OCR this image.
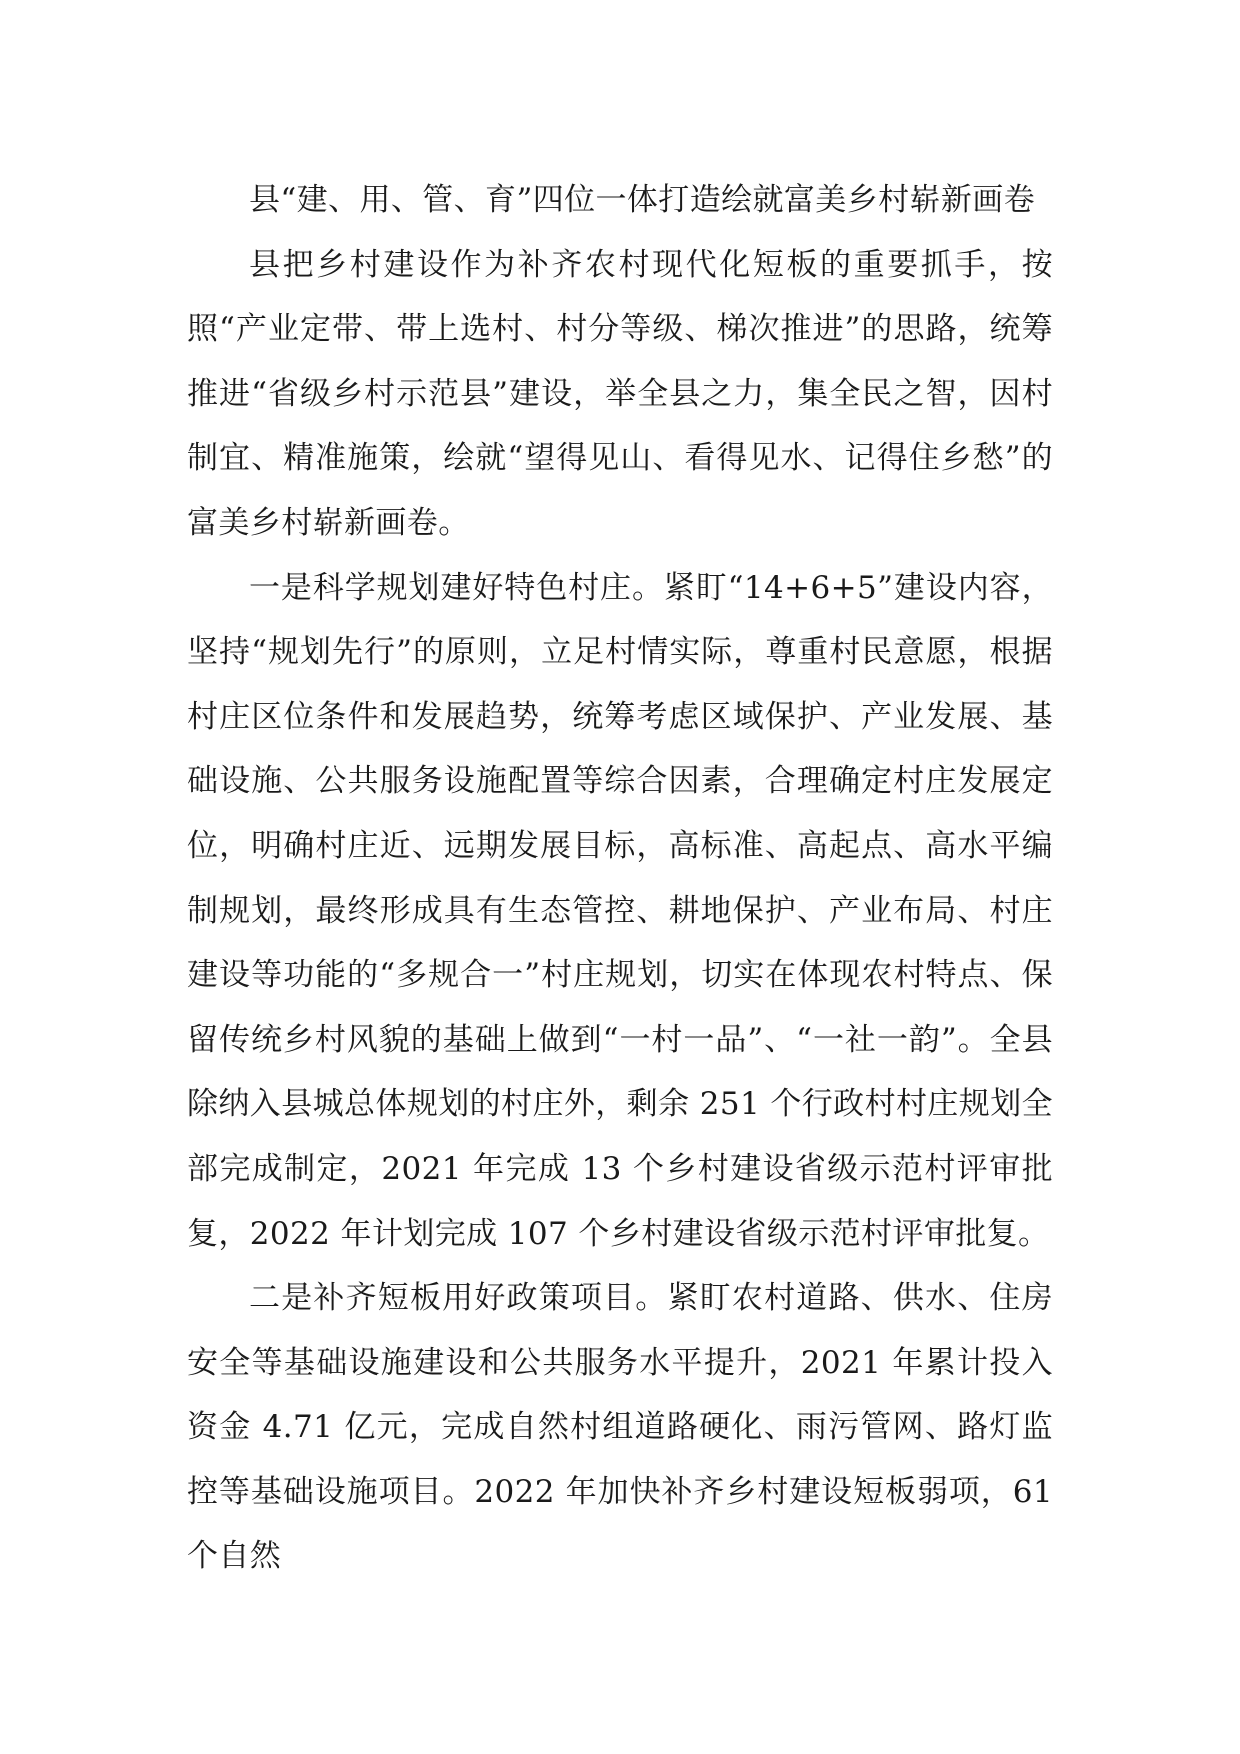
县“建、用、管、育”四位一体打造绘就富美乡村崭新画卷

县把乡村建设作为补齐农村现代化短板的重要抓手，按照“产业定带、带上选村、村分等级、梯次推进”的思路，统筹推进“省级乡村示范县”建设，举全县之力，集全民之智，因村制宜、精准施策，绘就“望得见山、看得见水、记得住乡愁”的富美乡村崭新画卷。

一是科学规划建好特色村庄。紧盯“14+6+5”建设内容，坚持“规划先行”的原则，立足村情实际，尊重村民意愿，根据村庄区位条件和发展趋势，统筹考虑区域保护、产业发展、基础设施、公共服务设施配置等综合因素，合理确定村庄发展定位，明确村庄近、远期发展目标，高标准、高起点、高水平编制规划，最终形成具有生态管控、耕地保护、产业布局、村庄建设等功能的“多规合一”村庄规划，切实在体现农村特点、保留传统乡村风貌的基础上做到“一村一品”、“一社一韵”。全县除纳入县城总体规划的村庄外，剩余 251 个行政村村庄规划全部完成制定，2021 年完成 13 个乡村建设省级示范村评审批复，2022 年计划完成 107 个乡村建设省级示范村评审批复。

二是补齐短板用好政策项目。紧盯农村道路、供水、住房安全等基础设施建设和公共服务水平提升，2021 年累计投入资金 4.71 亿元，完成自然村组道路硬化、雨污管网、路灯监控等基础设施项目。2022 年加快补齐乡村建设短板弱项，61 个自然
